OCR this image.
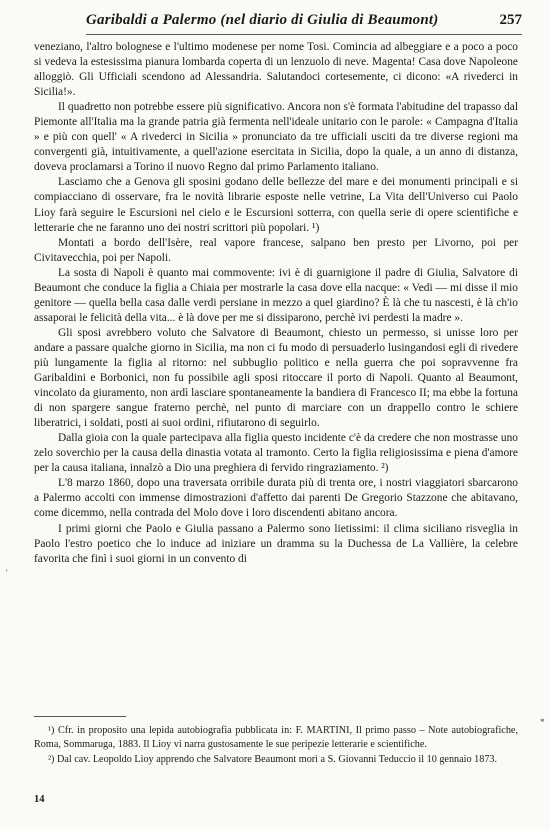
Garibaldi a Palermo (nel diario di Giulia di Beaumont)	257

veneziano, l'altro bolognese e l'ultimo modenese per nome Tosi. Comincia ad albeggiare e a poco a poco si vedeva la estesissima pianura lombarda coperta di un lenzuolo di neve. Magenta! Casa dove Napoleone alloggiò. Gli Ufficiali scendono ad Alessandria. Salutandoci cortesemente, ci dicono: «A rivederci in Sicilia!».

Il quadretto non potrebbe essere più significativo. Ancora non s'è formata l'abitudine del trapasso dal Piemonte all'Italia ma la grande patria già fermenta nell'ideale unitario con le parole: « Campagna d'Italia » e più con quell' « A rivederci in Sicilia » pronunciato da tre ufficiali usciti da tre diverse regioni ma convergenti già, intuitivamente, a quell'azione esercitata in Sicilia, dopo la quale, a un anno di distanza, doveva proclamarsi a Torino il nuovo Regno dal primo Parlamento italiano.

Lasciamo che a Genova gli sposini godano delle bellezze del mare e dei monumenti principali e si compiacciano di osservare, fra le novità librarie esposte nelle vetrine, La Vita dell'Universo cui Paolo Lioy farà seguire le Escursioni nel cielo e le Escursioni sotterra, con quella serie di opere scientifiche e letterarie che ne faranno uno dei nostri scrittori più popolari. ¹)

Montati a bordo dell'Isère, real vapore francese, salpano ben presto per Livorno, poi per Civitavecchia, poi per Napoli.

La sosta di Napoli è quanto mai commovente: ivi è di guarnigione il padre di Giulia, Salvatore di Beaumont che conduce la figlia a Chiaia per mostrarle la casa dove ella nacque: « Vedi — mi disse il mio genitore — quella bella casa dalle verdi persiane in mezzo a quel giardino? È là che tu nascesti, è là ch'io assaporai le felicità della vita... è là dove per me si dissiparono, perchè ivi perdesti la madre ».

Gli sposi avrebbero voluto che Salvatore di Beaumont, chiesto un permesso, si unisse loro per andare a passare qualche giorno in Sicilia, ma non ci fu modo di persuaderlo lusingandosi egli di rivedere più lungamente la figlia al ritorno: nel subbuglio politico e nella guerra che poi sopravvenne fra Garibaldini e Borbonici, non fu possibile agli sposi ritoccare il porto di Napoli. Quanto al Beaumont, vincolato da giuramento, non ardì lasciare spontaneamente la bandiera di Francesco II; ma ebbe la fortuna di non spargere sangue fraterno perchè, nel punto di marciare con un drappello contro le schiere liberatrici, i soldati, posti ai suoi ordini, rifiutarono di seguirlo.

Dalla gioia con la quale partecipava alla figlia questo incidente c'è da credere che non mostrasse uno zelo soverchio per la causa della dinastia votata al tramonto. Certo la figlia religiosissima e piena d'amore per la causa italiana, innalzò a Dio una preghiera di fervido ringraziamento. ²)

L'8 marzo 1860, dopo una traversata orribile durata più di trenta ore, i nostri viaggiatori sbarcarono a Palermo accolti con immense dimostrazioni d'affetto dai parenti De Gregorio Stazzone che abitavano, come dicemmo, nella contrada del Molo dove i loro discendenti abitano ancora.

I primi giorni che Paolo e Giulia passano a Palermo sono lietissimi: il clima siciliano risveglia in Paolo l'estro poetico che lo induce ad iniziare un dramma su la Duchessa de La Vallière, la celebre favorita che finì i suoi giorni in un convento di

¹) Cfr. in proposito una lepida autobiografia pubblicata in: F. MARTINI, Il primo passo – Note autobiografiche, Roma, Sommaruga, 1883. Il Lioy vi narra gustosamente le sue peripezie letterarie e scientifiche.

²) Dal cav. Leopoldo Lioy apprendo che Salvatore Beaumont morì a S. Giovanni Teduccio il 10 gennaio 1873.

14
'
*
